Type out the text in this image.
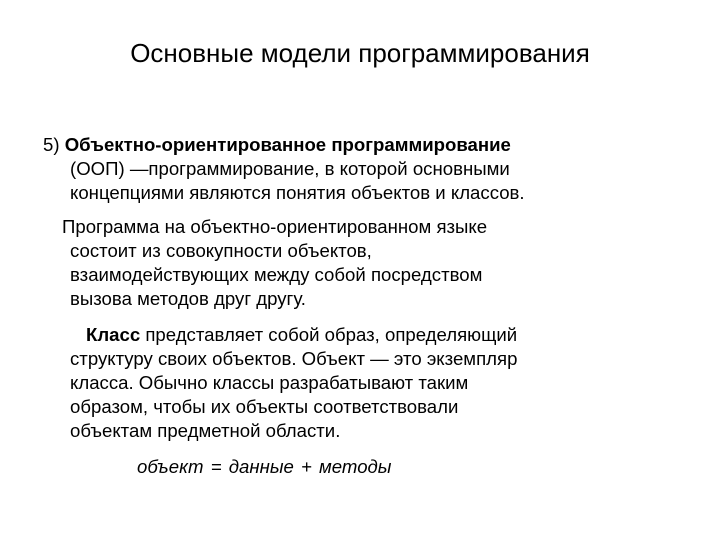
Основные модели программирования
5) Объектно-ориентированное программирование
(ООП) —программирование, в которой основными
концепциями являются понятия объектов и классов.
Программа на объектно-ориентированном языке
состоит из совокупности объектов,
взаимодействующих между собой посредством
вызова методов друг другу.
Класс представляет собой образ, определяющий
структуру своих объектов. Объект — это экземпляр
класса. Обычно классы разрабатывают таким
образом, чтобы их объекты соответствовали
объектам предметной области.
объект = данные + методы
